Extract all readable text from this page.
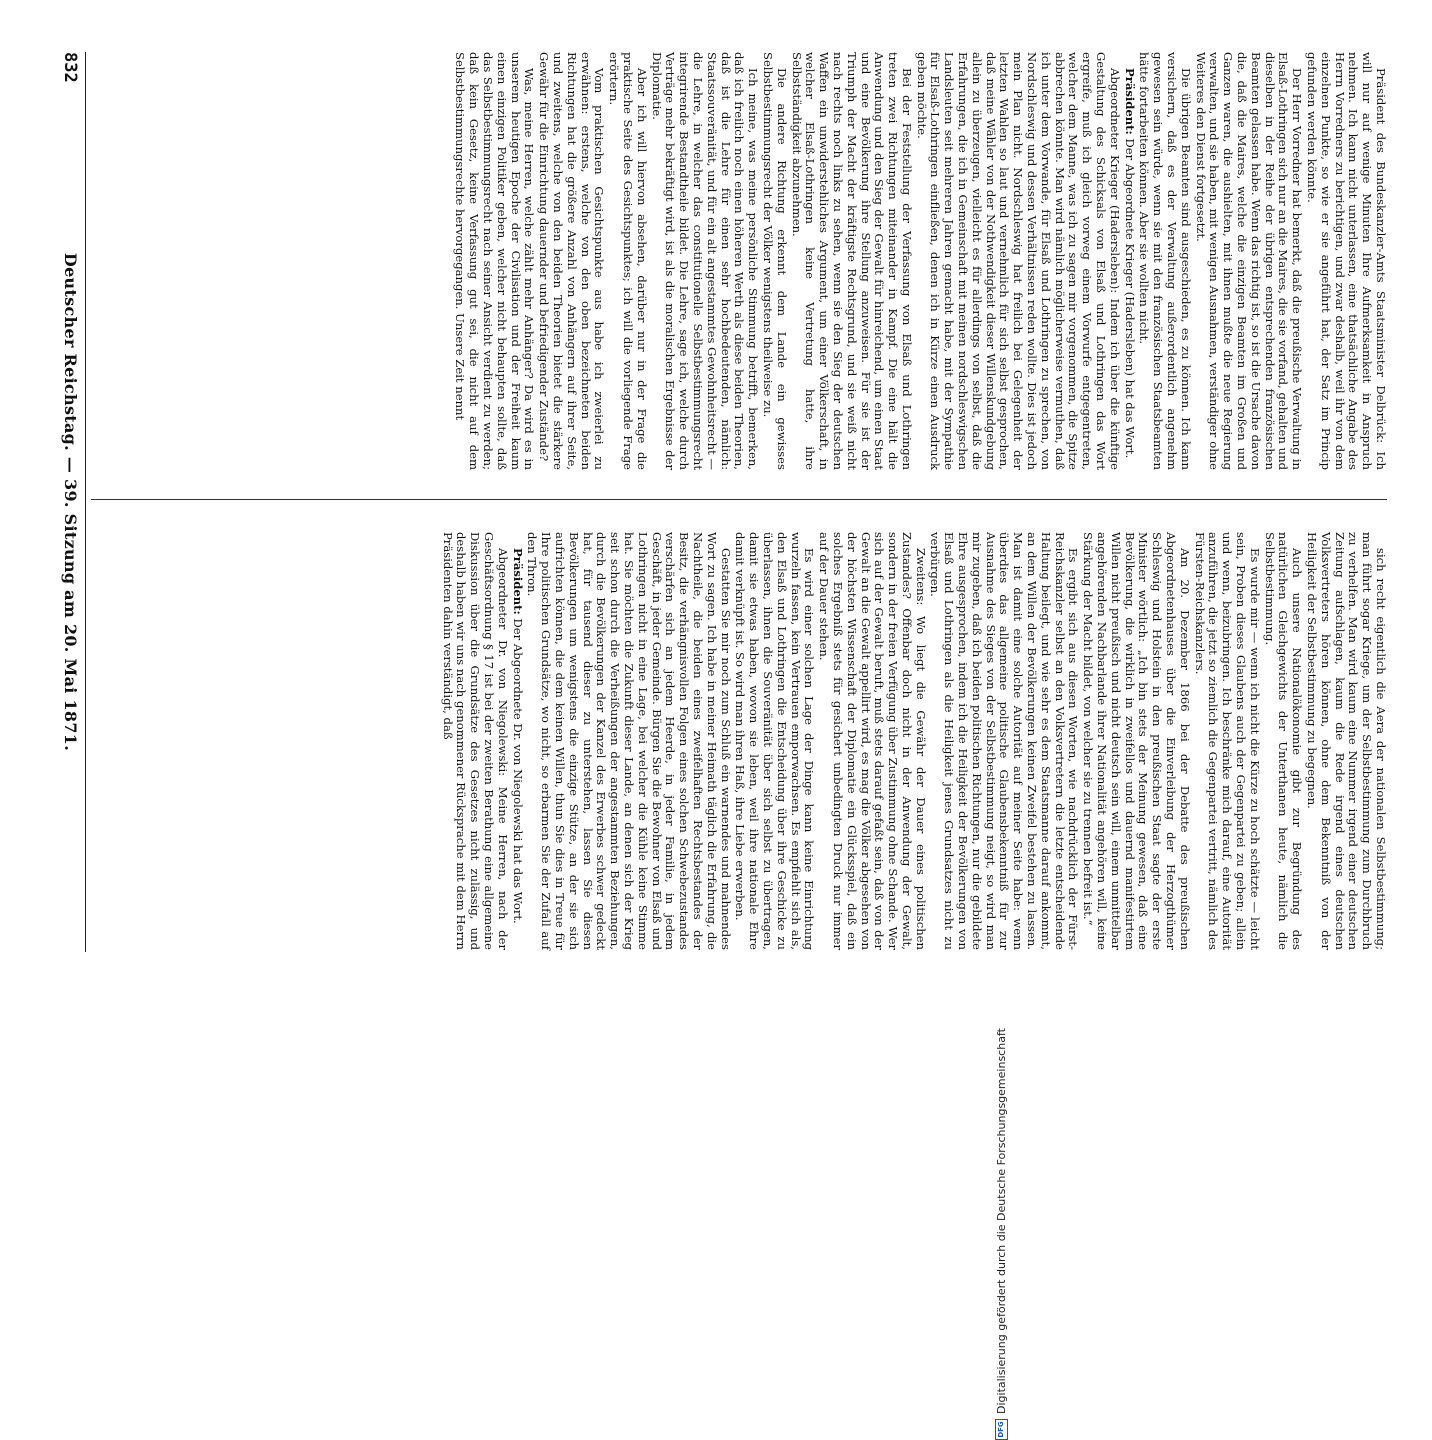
832
Deutscher Reichstag. — 39. Sitzung am 20. Mai 1871.	Präsident des Bundeskanzler-Amts Staatsminister Delbrück: Ich will nur auf wenige Minuten Ihre Aufmerksamkeit in Anspruch nehmen. Ich kann nicht unterlassen, eine thatsächliche Angabe des Herrn Vorredners zu berichtigen, und zwar deshalb, weil ihr von dem einzelnen Punkte, so wie er sie angeführt hat, der Satz im Princip gefunden werden könnte.

Der Herr Vorredner hat bemerkt, daß die preußische Verwaltung in Elsaß-Lothringen sich nur an die Maires, die sie vorfand, gehalten und dieselben in der Reihe der übrigen entsprechenden französischen Beamten gelassen habe. Wenn das richtig ist, so ist die Ursache davon die, daß die Maires, welche die einzigen Beamten im Großen und Ganzen waren, die aushielten, mit ihnen mußte die neue Regierung verwalten, und sie haben, mit wenigen Ausnahmen, verständiger ohne Weiteres den Dienst fortgesetzt.

Die übrigen Beamten sind ausgeschieden, es zu können. Ich kann versichern, daß es der Verwaltung außerordentlich angenehm gewesen sein würde, wenn sie mit den französischen Staatsbeamten hätte fortarbeiten können. Aber sie wollten nicht.

Präsident: Der Abgeordnete Krieger (Hadersleben) hat das Wort.

Abgeordneter Krieger (Hadersleben): Indem ich über die künftige Gestaltung des Schicksals von Elsaß und Lothringen das Wort ergreife, muß ich gleich vorweg einem Vorwurfe entgegentreten, welcher dem Manne, was ich zu sagen mir vorgenommen, die Spitze abbrechen könnte. Man wird nämlich möglicherweise vermuthen, daß ich unter dem Vorwande, für Elsaß und Lothringen zu sprechen, von Nordschleswig und dessen Verhältnissen reden wollte. Dies ist jedoch mein Plan nicht. Nordschleswig hat freilich bei Gelegenheit der letzten Wahlen so laut und vernehmlich für sich selbst gesprochen, daß meine Wähler von der Nothwendigkeit dieser Willenskundgebung allein zu überzeugen, vielleicht es für allerdings von selbst, daß die Erfahrungen, die ich in Gemeinschaft mit meinen nordschleswigschen Landsleuten seit mehreren Jahren gemacht habe, mit der Sympathie für Elsaß-Lothringen einfließen, denen ich in Kürze einen Ausdruck geben möchte.

Bei der Feststellung der Verfassung von Elsaß und Lothringen treten zwei Richtungen miteinander in Kampf. Die eine hält die Anwendung und den Sieg der Gewalt für hinreichend, um einen Staat und eine Bevölkerung ihre Stellung anzuweisen. Für sie ist der Triumph der Macht der kräftigste Rechtsgrund, und sie weiß nicht nach rechts noch links zu sehen, wenn sie den Sieg der deutschen Waffen ein unwiderstehliches Argument, um einer Völkerschaft, in welcher Elsaß-Lothringen keine Vertretung hatte, ihre Selbstständigkeit abzunehmen.

Die andere Richtung erkennt dem Lande ein gewisses Selbstbestimmungsrecht der Völker wenigstens theilweise zu.

Ich meine, was meine persönliche Stimmung betrifft, bemerken, daß ich freilich noch einen höheren Werth als diese beiden Theorien, daß ist die Lehre für einen sehr hochbedeutenden, nämlich: Staatssouveränität, und für ein alt angestammtes Gewohnheitsrecht — die Lehre, in welcher das constitutionelle Selbstbestimmungsrecht integrirende Bestandtheile bildet. Die Lehre, sage ich, welche durch Verträge mehr bekräftigt wird, ist als die moralischen Ergebnisse der Diplomatie.

Aber ich will hiervon absehen, darüber nur in der Frage die praktische Seite des Gesichtspunktes; ich will die vorliegende Frage erörtern.

Vom praktischen Gesichtspunkte aus habe ich zweierlei zu erwähnen: erstens, welche von den oben bezeichneten beiden Richtungen hat die größere Anzahl von Anhängern auf ihrer Seite, und zweitens, welche von den beiden Theorien bietet die stärkere Gewähr für die Einrichtung dauernder und befriedigender Zustände?

Was, meine Herren, welche zählt mehr Anhänger? Da wird es in unserem heutigen Epoche der Civilisation und der Freiheit kaum einen einzigen Politiker geben, welcher nicht behaupten sollte, daß das Selbstbestimmungsrecht nach seiner Ansicht verdient zu werden; daß kein Gesetz, keine Verfassung gut sei, die nicht auf dem Selbstbestimmungsrechte hervorgegangen. Unsere Zeit nennt

sich recht eigentlich die Aera der nationalen Selbstbestimmung; man führt sogar Kriege, um der Selbstbestimmung zum Durchbruch zu verhelfen. Man wird kaum eine Nummer irgend einer deutschen Zeitung aufschlagen, kaum die Rede irgend eines deutschen Volksvertreters hören können, ohne dem Bekenntniß von der Heiligkeit der Selbstbestimmung zu begegnen.

Auch unsere Nationalökonomie gibt zur Begründung des natürlichen Gleichgewichts der Unterthanen heute, nämlich die Selbstbestimmung.

Es wurde mir — wenn ich nicht die Kürze zu hoch schätzte — leicht sein, Proben dieses Glaubens auch der Gegenpartei zu geben; allein und wenn, beizubringen. Ich beschränke mich darauf, eine Autorität anzuführen, die jetzt so ziemlich die Gegenpartei vertritt, nämlich des Fürsten-Reichskanzlers.

Am 20. Dezember 1866 bei der Debatte des preußischen Abgeordnetenhauses über die Einverleibung der Herzogthümer Schleswig und Holstein in den preußischen Staat sagte der erste Minister wörtlich: „Ich bin stets der Meinung gewesen, daß eine Bevölkerung, die wirklich in zweifellos und dauernd manifestirtem Willen nicht preußisch und nicht deutsch sein will, einem unmittelbar angehörenden Nachbarlande ihrer Nationalität angehören will, keine Stärkung der Macht bildet, von welcher sie zu trennen befreit ist.“

Es ergibt sich aus diesen Worten, wie nachdrücklich der Fürst-Reichskanzler selbst an den Volksvertretern die letzte entscheidende Haltung beilegt, und wie sehr es dem Staatsmanne darauf ankommt, an dem Willen der Bevölkerungen keinen Zweifel bestehen zu lassen. Man ist damit eine solche Autorität auf meiner Seite habe: wenn überdies das allgemeine politische Glaubensbekenntniß für zur Ausnahme des Sieges von der Selbstbestimmung neigt, so wird man mir zugeben, daß ich beiden politischen Richtungen, nur die gebildete Ehre ausgesprochen, indem ich die Heiligkeit der Bevölkerungen von Elsaß und Lothringen als die Heiligkeit jenes Grundsatzes nicht zu verbürgen.

Zweitens: Wo liegt die Gewähr der Dauer eines politischen Zustandes? Offenbar doch nicht in der Anwendung der Gewalt, sondern in der freien Verfügung über Zustimmung ohne Schande. Wer sich auf der Gewalt beruft, muß stets darauf gefaßt sein, daß von der Gewalt an die Gewalt appellirt wird, es mag die Völker abgesehen von der höchsten Wissenschaft der Diplomatie ein Glücksspiel, daß ein solches Ergebniß stets für gesichert unbedingten Druck nur immer auf der Dauer stehen.

Es wird einer solchen Lage der Dinge kann keine Einrichtung wurzeln fassen, kein Vertrauen emporwachsen. Es empfiehlt sich als, den Elsaß und Lothringen die Entscheidung über ihre Geschicke zu überlassen, ihnen die Souveränität über sich selbst zu übertragen, damit sie etwas haben, wovon sie leben, weil ihre nationale Ehre damit verknüpft ist. So wird man ihren Haß, ihre Liebe erwerben.

Gestatten Sie mir noch zum Schluß ein warnendes und mahnendes Wort zu sagen. Ich habe in meiner Heimath täglich die Erfahrung, die Nachtheile, die beiden eines zweifelhaften Rechtsbestandes der Besitz, die verhängnisvollen Folgen eines solchen Schwebezustandes verschärfen sich an jedem Heerde, in jeder Familie, in jedem Geschäft, in jeder Gemeinde. Bürgen Sie die Bewohner von Elsaß und Lothringen nicht in eine Lage, bei welcher die Kühle keine Stimme hat. Sie möchten die Zukunft dieser Lande, an denen sich der Krieg seit schon durch die Verheißungen der angestammten Beziehungen, durch die Bevölkerungen der Kanzel des Erwerbes schwer gedeckt hat, für tausend dieser zu unterstehen, lassen Sie diesen Bevölkerungen um wenigstens die einzige Stütze, an der sie sich aufrichten können, die dem keinen Willen, thun Sie dies in Treue für Ihre politischen Grundsätze, wo nicht, so erbarmen Sie der Zufall auf den Thron.

Präsident: Der Abgeordnete Dr. von Niegolewski hat das Wort.

Abgeordneter Dr. von Niegolewski: Meine Herren, nach der Geschäftsordnung § 17 ist bei der zweiten Berathung eine allgemeine Diskussion über die Grundsätze des Gesetzes nicht zulässig, und deshalb haben wir uns nach genommener Rücksprache mit dem Herrn Präsidenten dahin verständigt, daß

DFG
Digitalisierung gefördert durch die Deutsche Forschungsgemeinschaft
